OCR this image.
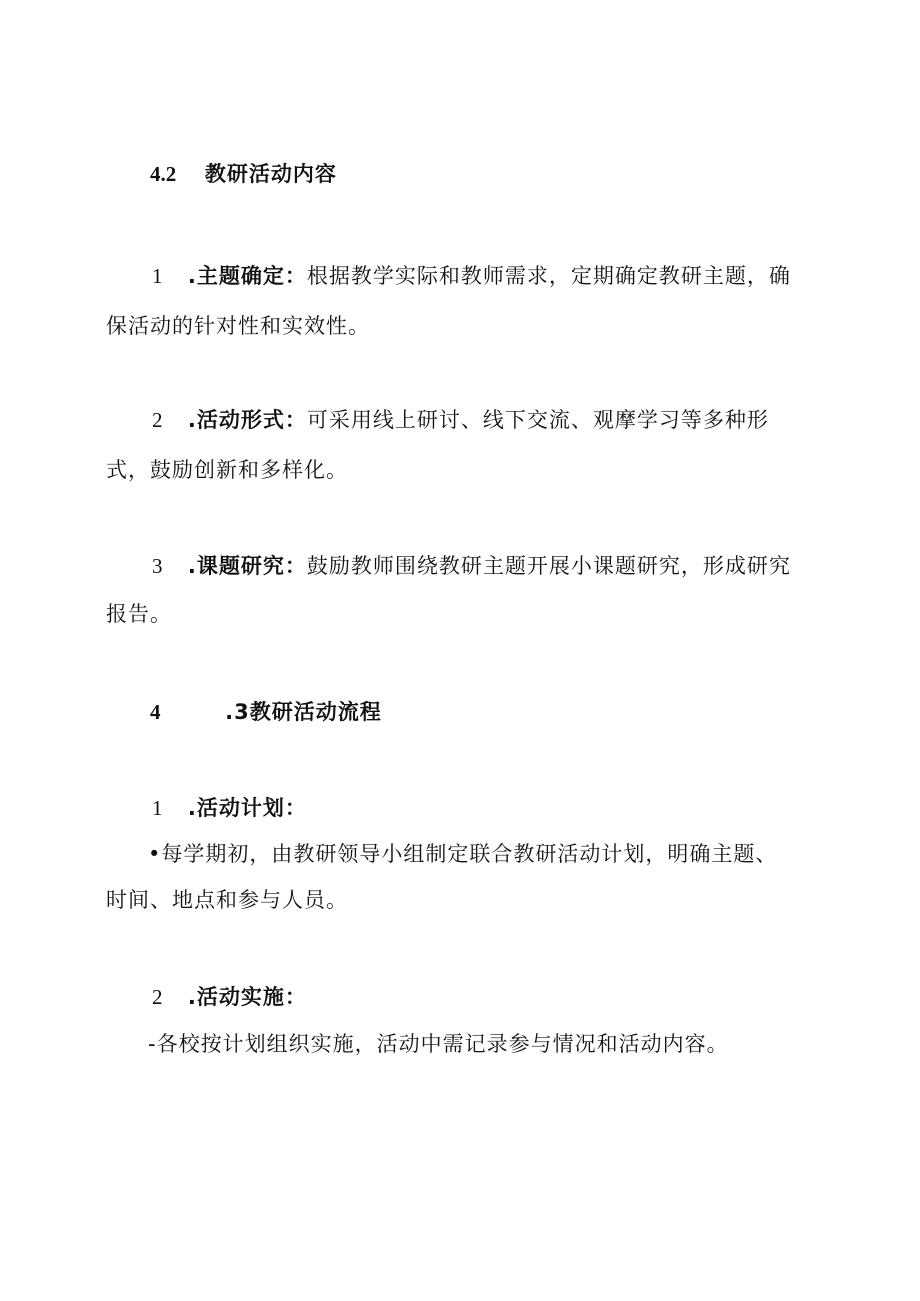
4.2 教研活动内容
1 .主题确定：根据教学实际和教师需求，定期确定教研主题，确
保活动的针对性和实效性。
2 .活动形式：可采用线上研讨、线下交流、观摩学习等多种形
式，鼓励创新和多样化。
3 .课题研究：鼓励教师围绕教研主题开展小课题研究，形成研究
报告。
4	.3教研活动流程
1 .活动计划：
•每学期初，由教研领导小组制定联合教研活动计划，明确主题、
时间、地点和参与人员。
2 .活动实施：
-各校按计划组织实施，活动中需记录参与情况和活动内容。
